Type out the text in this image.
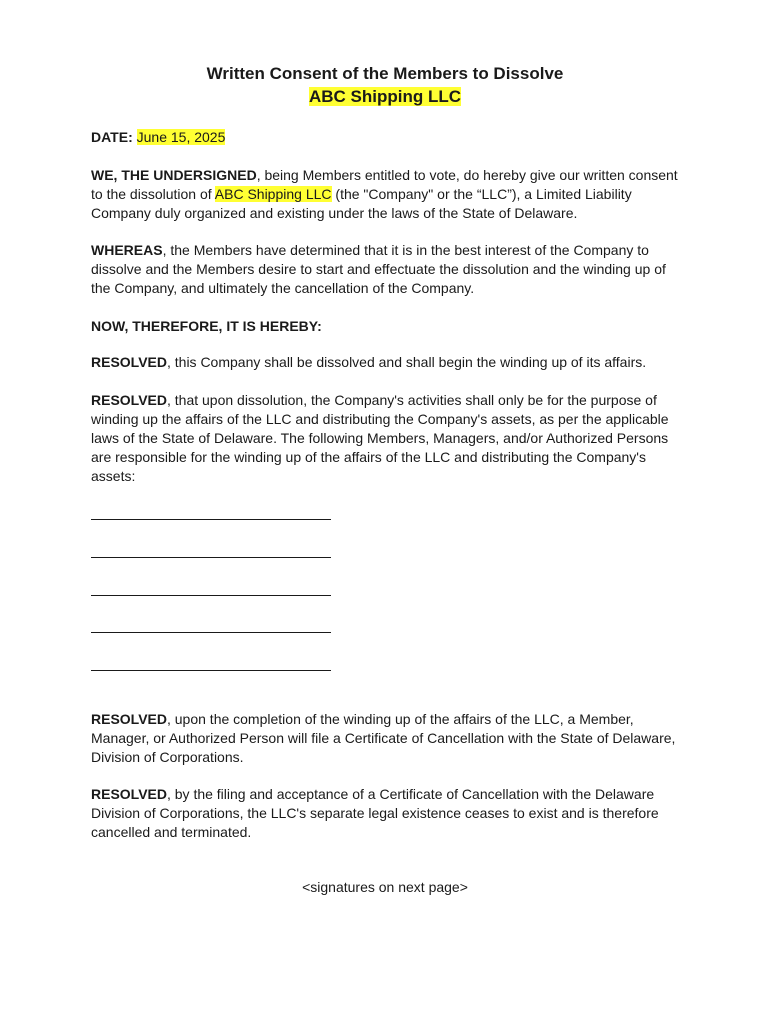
Written Consent of the Members to Dissolve
ABC Shipping LLC
DATE: June 15, 2025
WE, THE UNDERSIGNED, being Members entitled to vote, do hereby give our written consent to the dissolution of ABC Shipping LLC (the "Company" or the “LLC”), a Limited Liability Company duly organized and existing under the laws of the State of Delaware.
WHEREAS, the Members have determined that it is in the best interest of the Company to dissolve and the Members desire to start and effectuate the dissolution and the winding up of the Company, and ultimately the cancellation of the Company.
NOW, THEREFORE, IT IS HEREBY:
RESOLVED, this Company shall be dissolved and shall begin the winding up of its affairs.
RESOLVED, that upon dissolution, the Company's activities shall only be for the purpose of winding up the affairs of the LLC and distributing the Company's assets, as per the applicable laws of the State of Delaware. The following Members, Managers, and/or Authorized Persons are responsible for the winding up of the affairs of the LLC and distributing the Company's assets:
RESOLVED, upon the completion of the winding up of the affairs of the LLC, a Member, Manager, or Authorized Person will file a Certificate of Cancellation with the State of Delaware, Division of Corporations.
RESOLVED, by the filing and acceptance of a Certificate of Cancellation with the Delaware Division of Corporations, the LLC's separate legal existence ceases to exist and is therefore cancelled and terminated.
<signatures on next page>
